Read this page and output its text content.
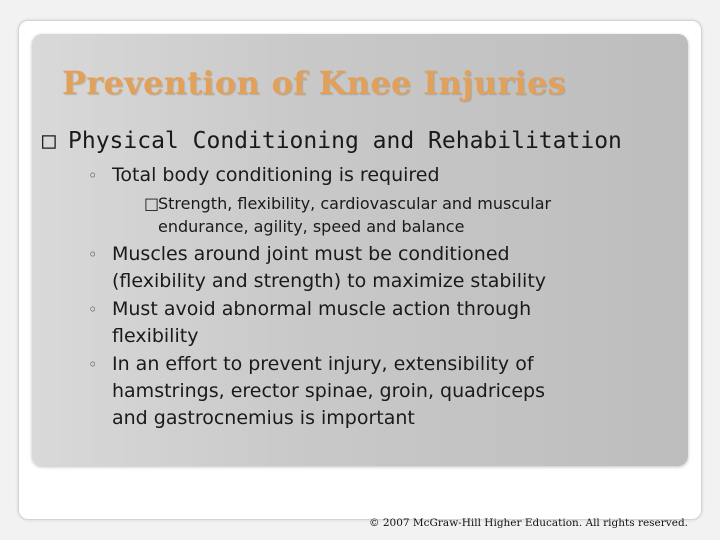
Prevention of Knee Injuries

□ Physical Conditioning and Rehabilitation

◦ Total body conditioning is required

□
Strength, flexibility, cardiovascular and muscular

endurance, agility, speed and balance

◦ Muscles around joint must be conditioned

(flexibility and strength) to maximize stability

◦ Must avoid abnormal muscle action through

flexibility

◦ In an effort to prevent injury, extensibility of

hamstrings, erector spinae, groin, quadriceps

and gastrocnemius is important

© 2007 McGraw-Hill Higher Education. All rights reserved.
